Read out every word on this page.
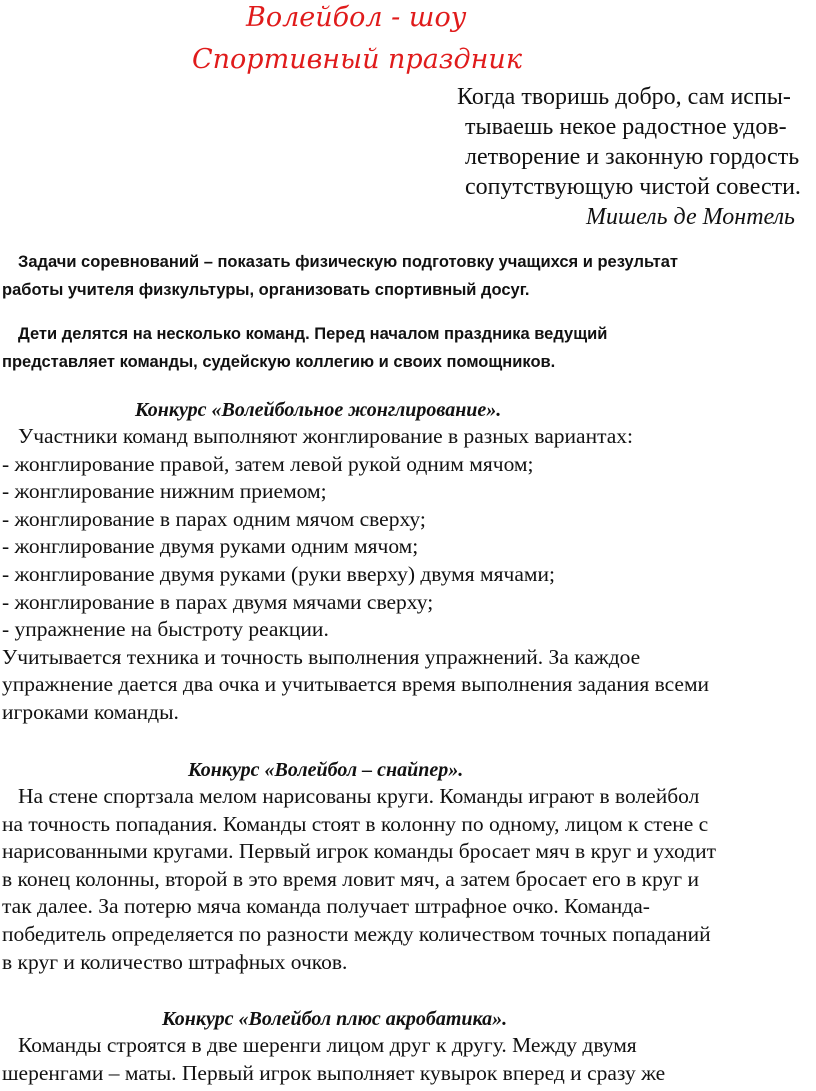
Волейбол - шоу
Спортивный праздник
Когда творишь добро, сам испы-
тываешь некое радостное удов-
летворение и законную гордость
сопутствующую чистой совести.
Мишель де Монтель
Задачи соревнований – показать физическую подготовку учащихся и результат
работы учителя физкультуры, организовать спортивный досуг.
Дети делятся на несколько команд. Перед началом праздника ведущий
представляет команды, судейскую коллегию и своих помощников.
Конкурс «Волейбольное жонглирование».
Участники команд выполняют жонглирование в разных вариантах:
- жонглирование правой, затем левой рукой одним мячом;
- жонглирование нижним приемом;
- жонглирование в парах одним мячом сверху;
- жонглирование двумя руками одним мячом;
- жонглирование двумя руками (руки вверху) двумя мячами;
- жонглирование в парах двумя мячами сверху;
- упражнение на быстроту реакции.
Учитывается техника и точность выполнения упражнений. За каждое
упражнение дается два очка и учитывается время выполнения задания всеми
игроками команды.
Конкурс «Волейбол – снайпер».
На стене спортзала мелом нарисованы круги. Команды играют в волейбол
на точность попадания. Команды стоят в колонну по одному, лицом к стене с
нарисованными кругами. Первый игрок команды бросает мяч в круг и уходит
в конец колонны, второй в это время ловит мяч, а затем бросает его в круг и
так далее. За потерю мяча команда получает штрафное очко. Команда-
победитель определяется по разности между количеством точных попаданий
в круг и количество штрафных очков.
Конкурс «Волейбол плюс акробатика».
Команды строятся в две шеренги лицом друг к другу. Между двумя
шеренгами – маты. Первый игрок выполняет кувырок вперед и сразу же
